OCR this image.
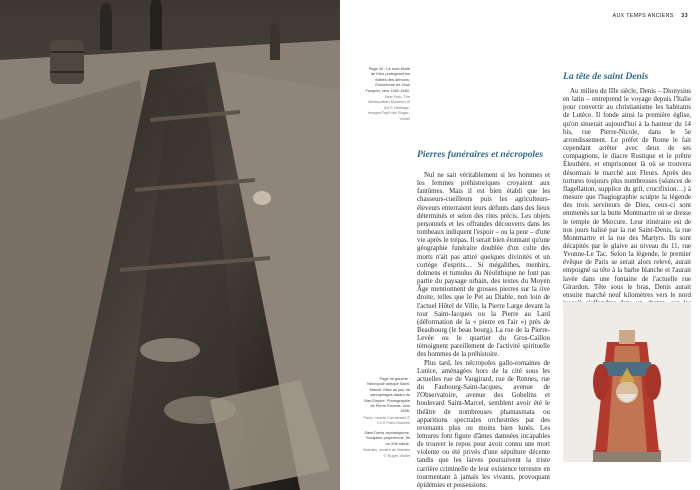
AUX TEMPS ANCIENS 33
Page 30 : Le mort étoilé de Dieu protégeant les fidèles des démons. Enluminure de Jean Fouquet, vers 1452-1460.
New York, The Metropolitan Museum of Art © Heritage-Images/TopFoto/ Roger-Viollet
Page de gauche : Nécropole antique Saint-Marcel. Mise au jour de sarcophages datant du Bas-Empire. Photographie de Pierre Emonts, vers 1898.
Paris, musée Carnavalet © CCX Paris Musées
Saint Denis céphalophore. Sculpture polychrome, fin du XIIe siècle.
Maintes, musée de Mantes © Roger-Viollet
Pierres funéraires et nécropoles

Nul ne sait véritablement si les hommes et les femmes préhistoriques croyaient aux fantômes. Mais il est bien établi que les chasseurs-cueilleurs puis les agriculteurs-éleveurs enterraient leurs défunts dans des lieux déterminés et selon des rites précis. Les objets personnels et les offrandes découverts dans les tombeaux indiquent l'espoir – ou la peur – d'une vie après le trépas. Il serait bien étonnant qu'une géographie funéraire doublée d'un culte des morts n'ait pas attiré quelques divinités et un cortège d'esprits… Si mégalithes, menhirs, dolmens et tumulus du Néolithique ne font pas partie du paysage urbain, des textes du Moyen Âge mentionnent de grosses pierres sur la rive droite, telles que le Pet au Diable, non loin de l'actuel Hôtel de Ville, la Pierre Large devant la tour Saint-Jacques ou la Pierre au Lard (déformation de la « pierre en l'air ») près de Beaubourg (le beau bourg). La rue de la Pierre-Levée ou le quartier du Gros-Caillou témoignent pareillement de l'activité spirituelle des hommes de la préhistoire.

Plus tard, les nécropoles gallo-romaines de Lutèce, aménagées hors de la cité sous les actuelles rue de Vaugirard, rue de Rennes, rue du Faubourg-Saint-Jacques, avenue de l'Observatoire, avenue des Gobelins et boulevard Saint-Marcel, semblent avoir été le théâtre de nombreuses phantasmata ou apparitions spectrales orchestrées par des revenants plus ou moins bien lunés. Les lemures font figure d'âmes damnées incapables de trouver le repos pour avoir connu une mort violente ou été privés d'une sépulture décente tandis que les larves poursuivent la triste carrière criminelle de leur existence terrestre en tourmentant à jamais les vivants, provoquant épidémies et possessions.

La tête de saint Denis

Au milieu du IIIe siècle, Denis – Dionysius en latin – entreprend le voyage depuis l'Italie pour convertir au christianisme les habitants de Lutèce. Il fonde ainsi la première église, qu'on situerait aujourd'hui à la hauteur du 14 bis, rue Pierre-Nicole, dans le 5e arrondissement. Le préfet de Rome le fait cependant arrêter avec deux de ses compagnons, le diacre Rustique et le prêtre Éleuthère, et emprisonner là où se trouvera désormais le marché aux Fleurs. Après des tortures toujours plus nombreuses (séances de flagellation, supplice du gril, crucifixion…) à mesure que l'hagiographie sculpte la légende des trois serviteurs de Dieu, ceux-ci sont emmenés sur la butte Montmartre où se dresse le temple de Mercure. Leur itinéraire est de nos jours balisé par la rue Saint-Denis, la rue Montmartre et la rue des Martyrs. Ils sont décapités par le glaive au niveau du 11, rue Yvonne-Le Tac. Selon la légende, le premier évêque de Paris se serait alors relevé, aurait empoigné sa tête à la barbe blanche et l'aurait lavée dans une fontaine de l'actuelle rue Girardon. Tête sous le bras, Denis aurait ensuite marché neuf kilomètres vers le nord
